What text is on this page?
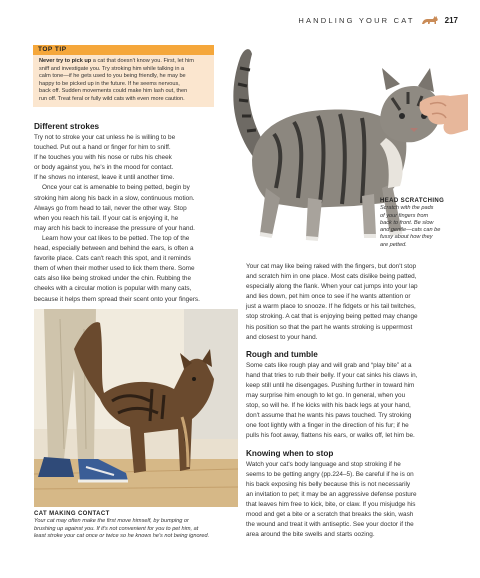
HANDLING YOUR CAT	217
TOP TIP
Never try to pick up a cat that doesn't know you. First, let him
sniff and investigate you. Try stroking him while talking in a
calm tone—if he gets used to you being friendly, he may be
happy to be picked up in the future. If he seems nervous,
back off. Sudden movements could make him lash out, then
run off. Treat feral or fully wild cats with even more caution.
HEAD SCRATCHING
Scratch with the pads
of your fingers from
back to front. Be slow
and gentle—cats can be
fussy about how they
are petted.
Different strokes

Try not to stroke your cat unless he is willing to be

touched. Put out a hand or finger for him to sniff.

If he touches you with his nose or rubs his cheek

or body against you, he's in the mood for contact.

If he shows no interest, leave it until another time.

Once your cat is amenable to being petted, begin by

stroking him along his back in a slow, continuous motion.

Always go from head to tail, never the other way. Stop

when you reach his tail. If your cat is enjoying it, he

may arch his back to increase the pressure of your hand.

Learn how your cat likes to be petted. The top of the

head, especially between and behind the ears, is often a

favorite place. Cats can't reach this spot, and it reminds

them of when their mother used to lick them there. Some

cats also like being stroked under the chin. Rubbing the

cheeks with a circular motion is popular with many cats,

because it helps them spread their scent onto your fingers.

CAT MAKING CONTACT
Your cat may often make the first move himself, by bumping or
brushing up against you. If it's not convenient for you to pet him, at
least stroke your cat once or twice so he knows he's not being ignored.

Your cat may like being raked with the fingers, but don't stop

and scratch him in one place. Most cats dislike being patted,

especially along the flank. When your cat jumps into your lap

and lies down, pet him once to see if he wants attention or

just a warm place to snooze. If he fidgets or his tail twitches,

stop stroking. A cat that is enjoying being petted may change

his position so that the part he wants stroking is uppermost

and closest to your hand.

Rough and tumble

Some cats like rough play and will grab and “play bite” at a

hand that tries to rub their belly. If your cat sinks his claws in,

keep still until he disengages. Pushing further in toward him

may surprise him enough to let go. In general, when you

stop, so will he. If he kicks with his back legs at your hand,

don't assume that he wants his paws touched. Try stroking

one foot lightly with a finger in the direction of his fur; if he

pulls his foot away, flattens his ears, or walks off, let him be.

Knowing when to stop

Watch your cat's body language and stop stroking if he

seems to be getting angry (pp.224–5). Be careful if he is on

his back exposing his belly because this is not necessarily

an invitation to pet; it may be an aggressive defense posture

that leaves him free to kick, bite, or claw. If you misjudge his

mood and get a bite or a scratch that breaks the skin, wash

the wound and treat it with antiseptic. See your doctor if the

area around the bite swells and starts oozing.
